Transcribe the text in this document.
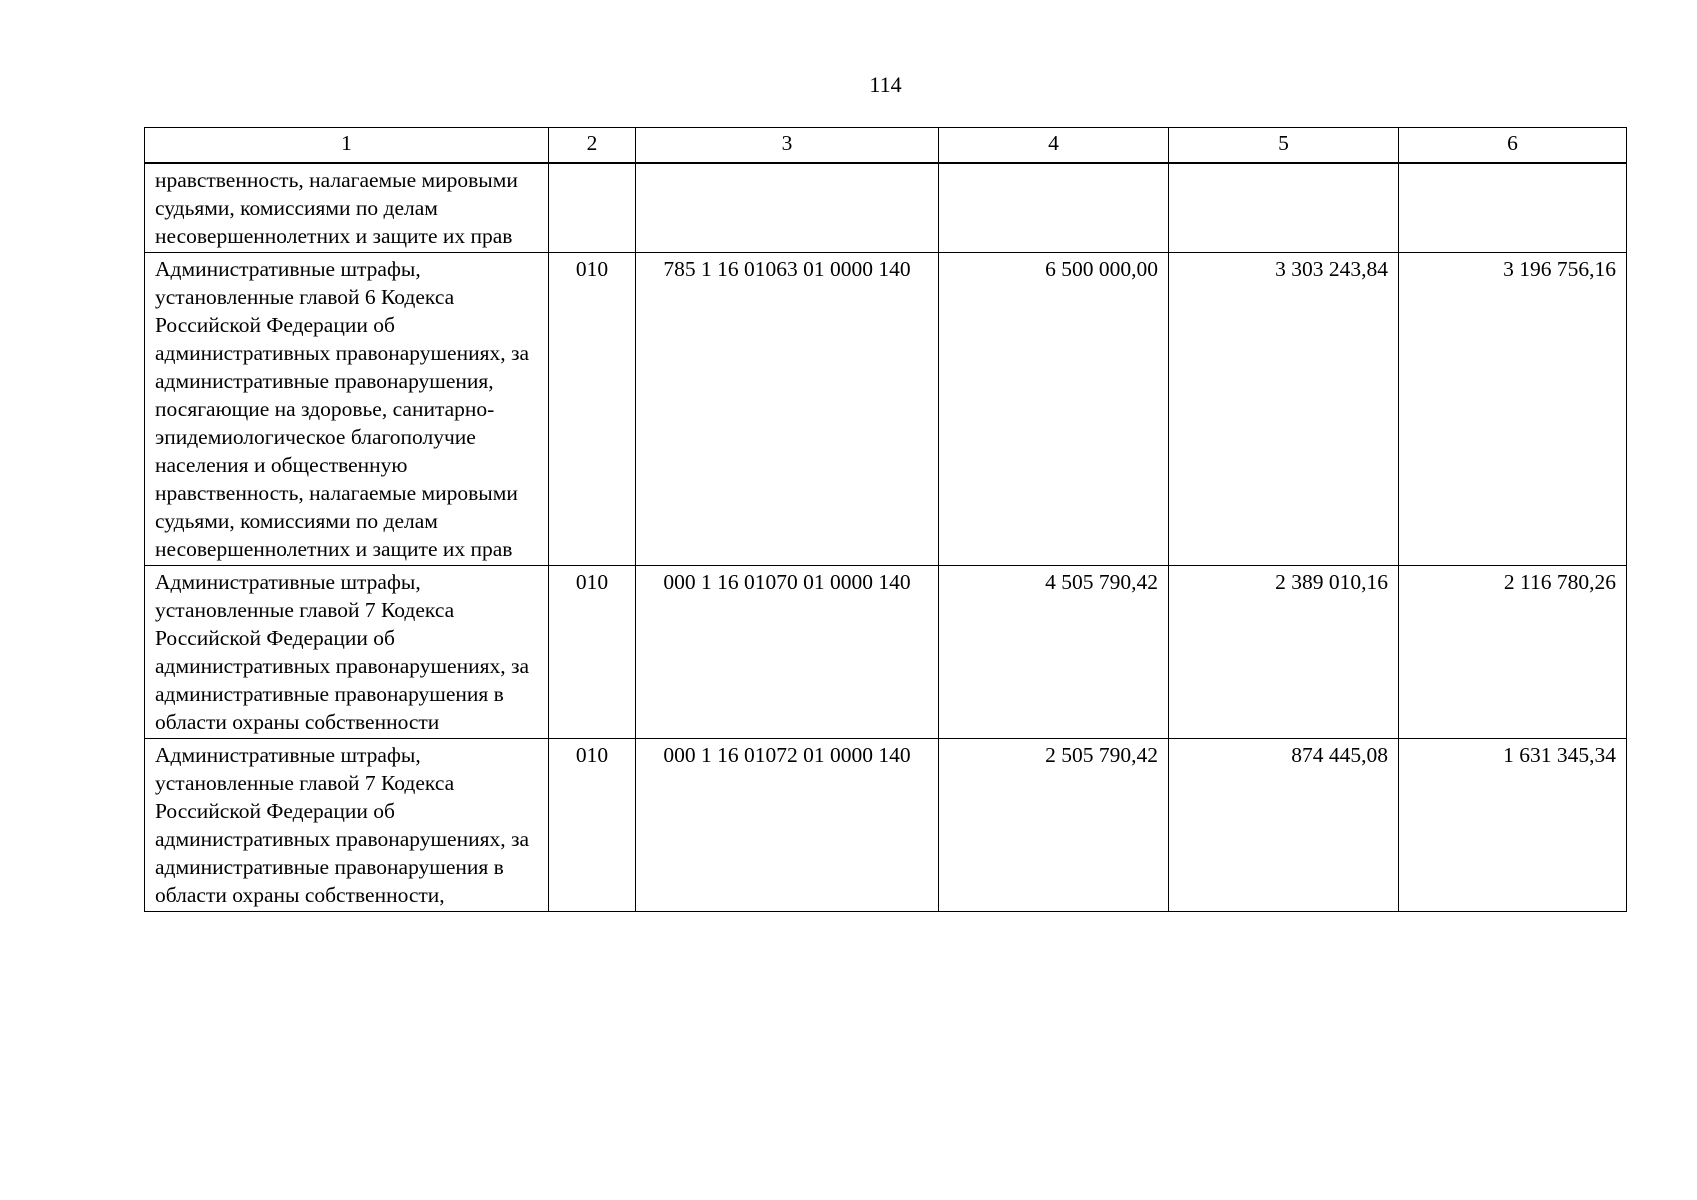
114
1	2	3	4	5	6
нравственность, налагаемые мировыми судьями, комиссиями по делам несовершеннолетних и защите их прав					
Административные штрафы, установленные главой 6 Кодекса Российской Федерации об административных правонарушениях, за административные правонарушения, посягающие на здоровье, санитарно-эпидемиологическое благополучие населения и общественную нравственность, налагаемые мировыми судьями, комиссиями по делам несовершеннолетних и защите их прав	010	785 1 16 01063 01 0000 140	6 500 000,00	3 303 243,84	3 196 756,16
Административные штрафы, установленные главой 7 Кодекса Российской Федерации об административных правонарушениях, за административные правонарушения в области охраны собственности	010	000 1 16 01070 01 0000 140	4 505 790,42	2 389 010,16	2 116 780,26
Административные штрафы, установленные главой 7 Кодекса Российской Федерации об административных правонарушениях, за административные правонарушения в области охраны собственности,	010	000 1 16 01072 01 0000 140	2 505 790,42	874 445,08	1 631 345,34
